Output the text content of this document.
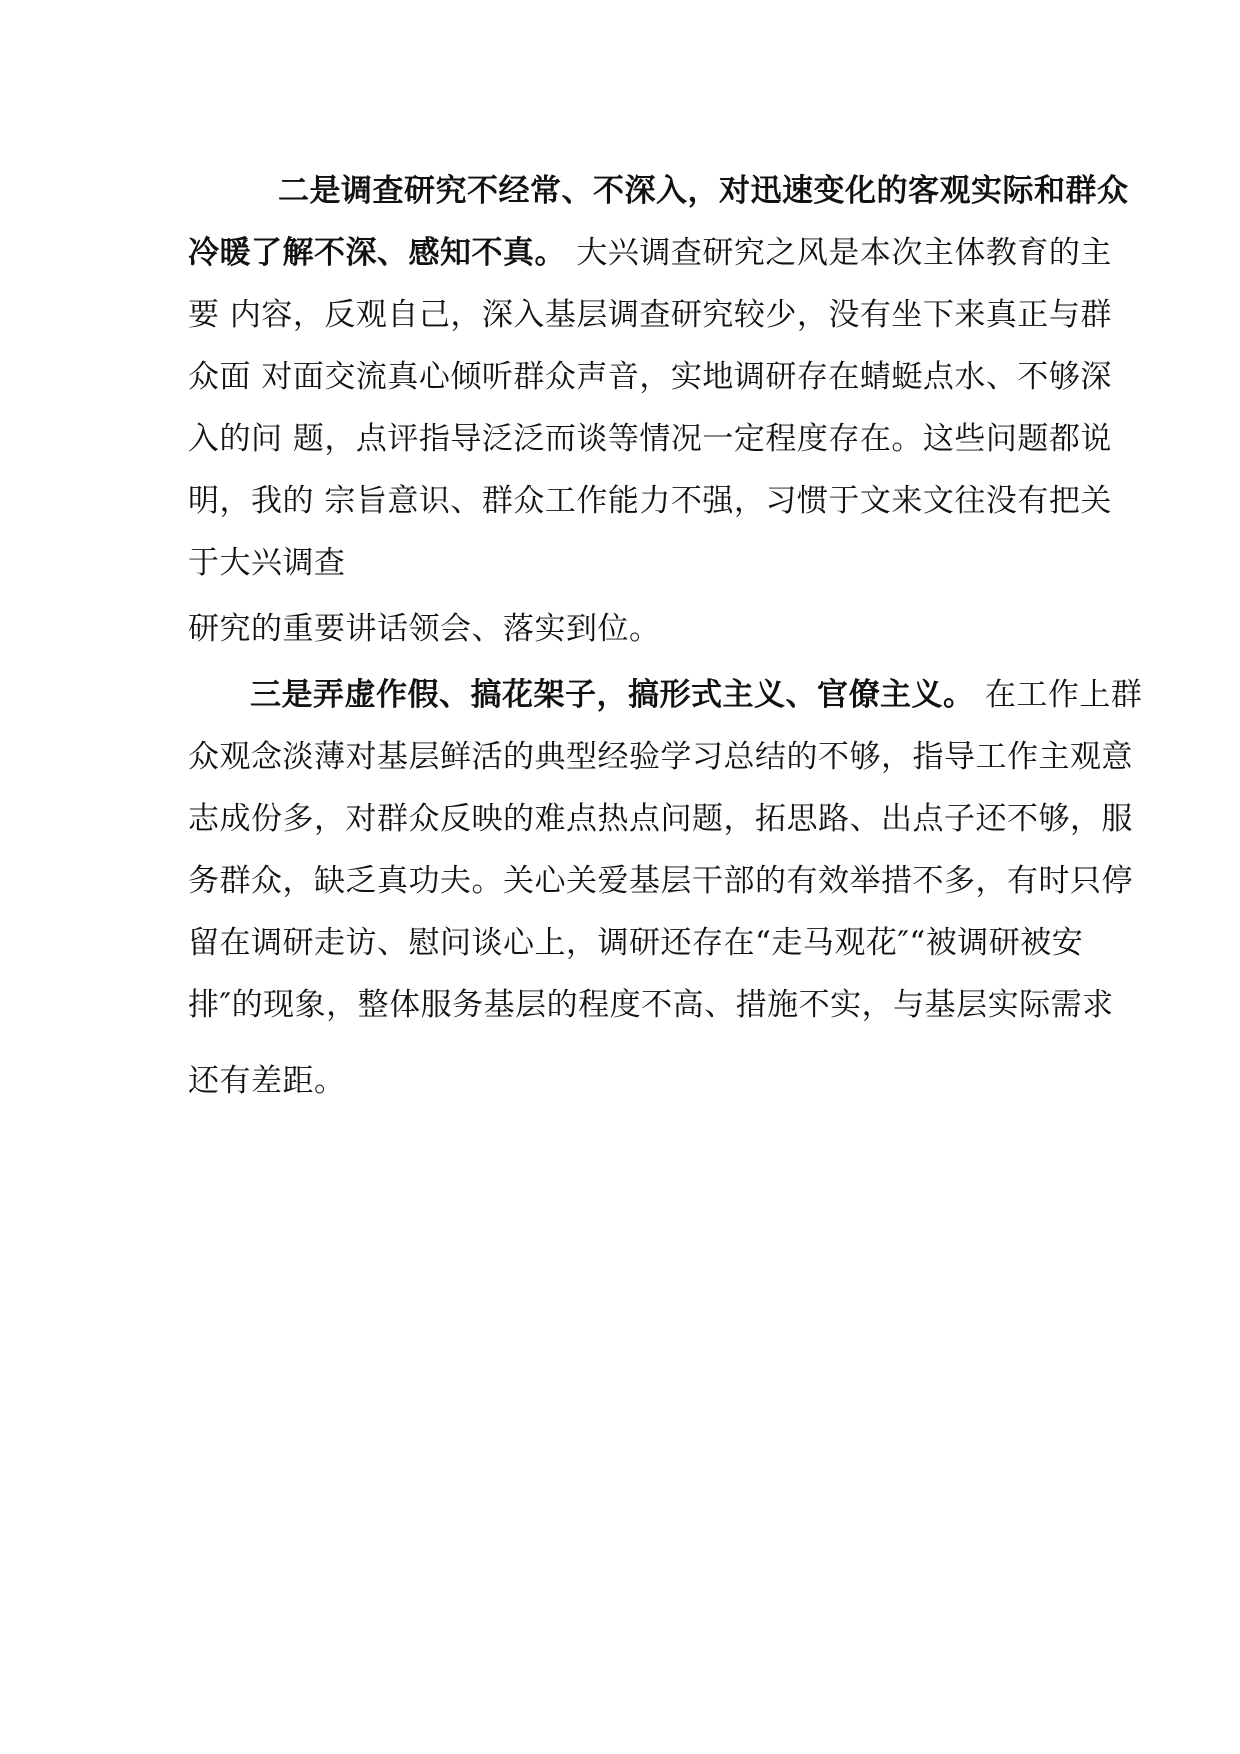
二是调查研究不经常、不深入，对迅速变化的客观实际和群众
冷暖了解不深、感知不真。 大兴调查研究之风是本次主体教育的主
要 内容，反观自己，深入基层调查研究较少，没有坐下来真正与群
众面 对面交流真心倾听群众声音，实地调研存在蜻蜓点水、不够深
入的问 题，点评指导泛泛而谈等情况一定程度存在。这些问题都说
明，我的 宗旨意识、群众工作能力不强，习惯于文来文往没有把关
于大兴调查
研究的重要讲话领会、落实到位。
三是弄虚作假、搞花架子，搞形式主义、官僚主义。 在工作上群
众观念淡薄对基层鲜活的典型经验学习总结的不够，指导工作主观意
志成份多，对群众反映的难点热点问题，拓思路、出点子还不够，服
务群众，缺乏真功夫。关心关爱基层干部的有效举措不多，有时只停
留在调研走访、慰问谈心上，调研还存在“走马观花″“被调研被安
排″的现象，整体服务基层的程度不高、措施不实，与基层实际需求
还有差距。
